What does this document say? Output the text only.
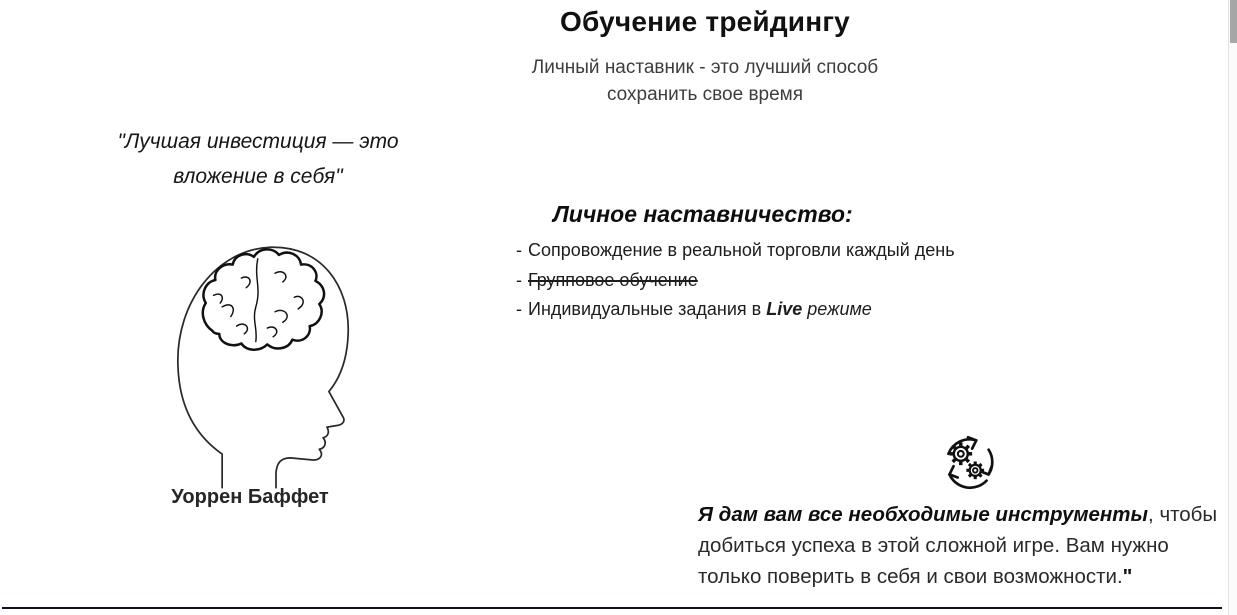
Обучение трейдингу
Личный наставник - это лучший способ
сохранить свое время
"Лучшая инвестиция — это
вложение в себя"
Уоррен Баффет
Личное наставничество:
- Сопровождение в реальной торговли каждый день
- Групповое обучение
- Индивидуальные задания в Live режиме
Я дам вам все необходимые инструменты, чтобы
добиться успеха в этой сложной игре. Вам нужно
только поверить в себя и свои возможности."
